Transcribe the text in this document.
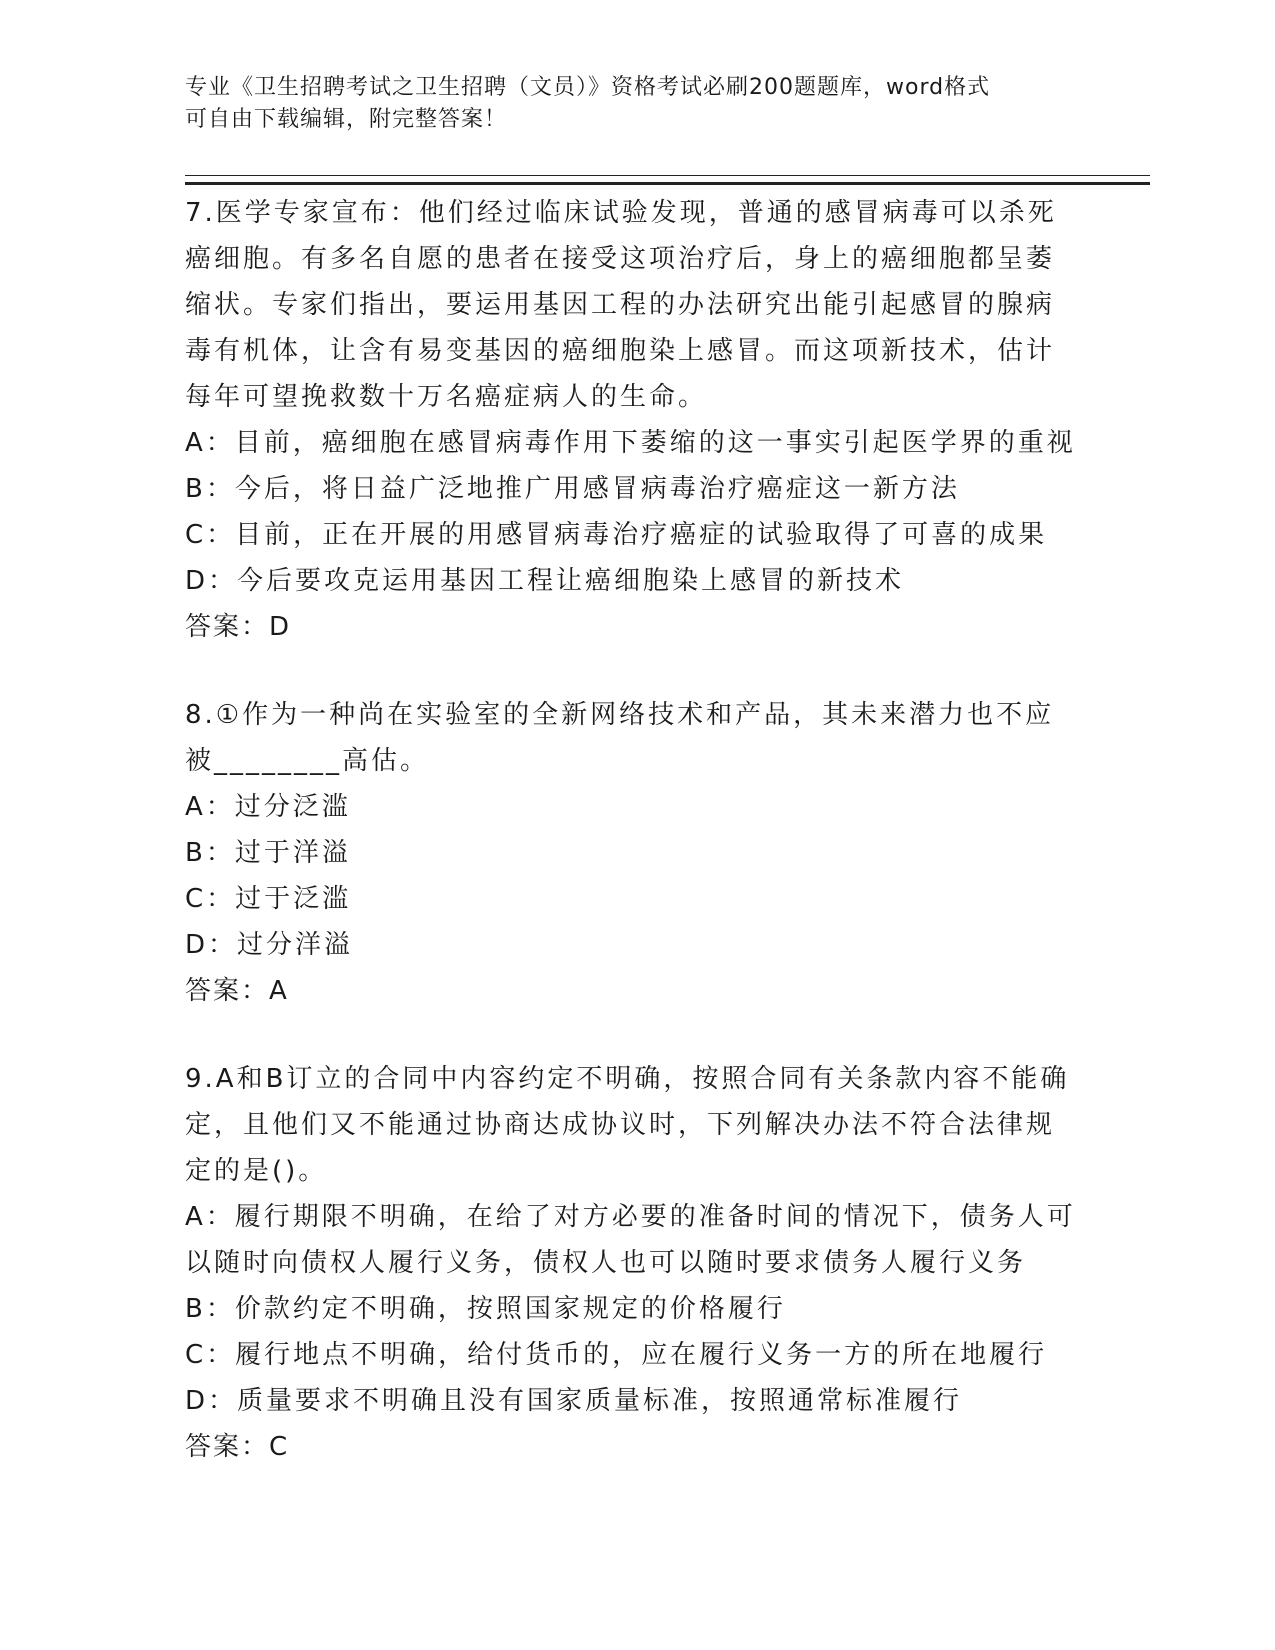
专业《卫生招聘考试之卫生招聘（文员）》资格考试必刷200题题库，word格式
可自由下载编辑，附完整答案！
7.医学专家宣布：他们经过临床试验发现，普通的感冒病毒可以杀死
癌细胞。有多名自愿的患者在接受这项治疗后，身上的癌细胞都呈萎
缩状。专家们指出，要运用基因工程的办法研究出能引起感冒的腺病
毒有机体，让含有易变基因的癌细胞染上感冒。而这项新技术，估计
每年可望挽救数十万名癌症病人的生命。
A：目前，癌细胞在感冒病毒作用下萎缩的这一事实引起医学界的重视
B：今后，将日益广泛地推广用感冒病毒治疗癌症这一新方法
C：目前，正在开展的用感冒病毒治疗癌症的试验取得了可喜的成果
D：今后要攻克运用基因工程让癌细胞染上感冒的新技术
答案：D
8.①作为一种尚在实验室的全新网络技术和产品，其未来潜力也不应
被________高估。
A：过分泛滥
B：过于洋溢
C：过于泛滥
D：过分洋溢
答案：A
9.A和B订立的合同中内容约定不明确，按照合同有关条款内容不能确
定，且他们又不能通过协商达成协议时，下列解决办法不符合法律规
定的是()。
A：履行期限不明确，在给了对方必要的准备时间的情况下，债务人可
以随时向债权人履行义务，债权人也可以随时要求债务人履行义务
B：价款约定不明确，按照国家规定的价格履行
C：履行地点不明确，给付货币的，应在履行义务一方的所在地履行
D：质量要求不明确且没有国家质量标准，按照通常标准履行
答案：C
